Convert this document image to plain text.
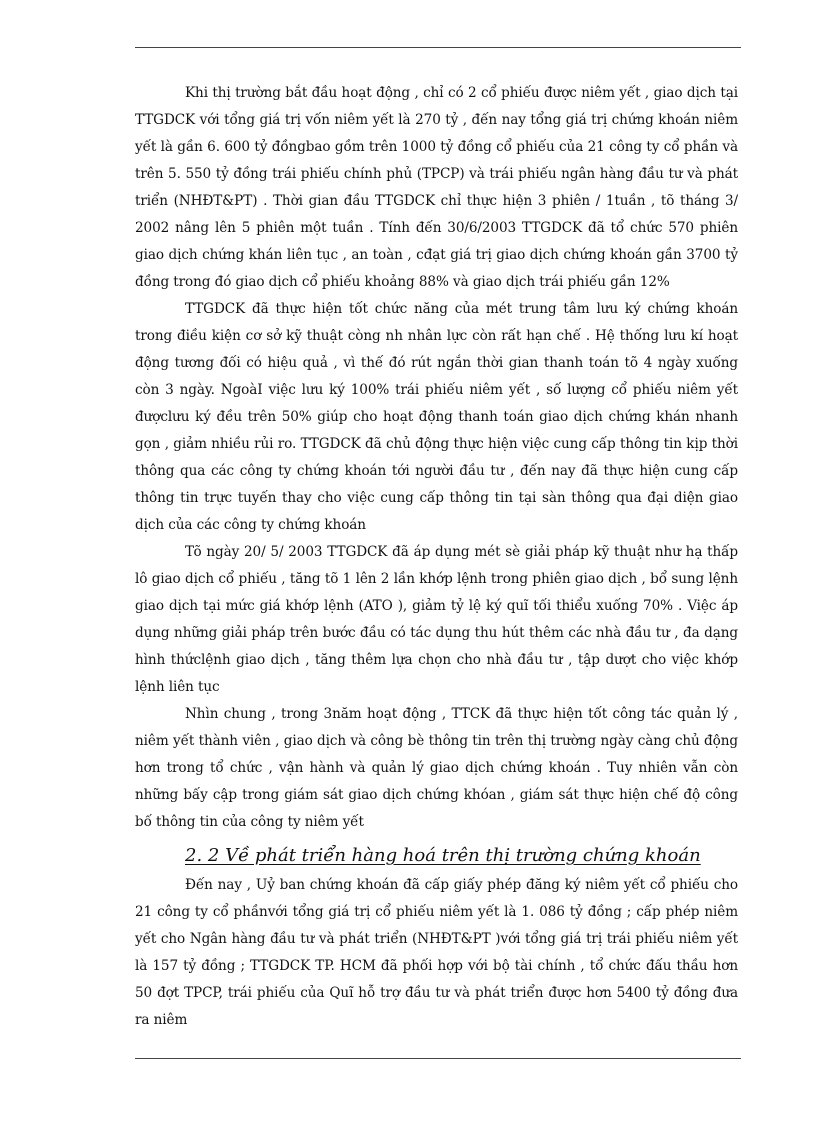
Khi thị trường bắt đầu hoạt động , chỉ có 2 cổ phiếu được niêm yết , giao dịch tại TTGDCK với tổng giá trị vốn niêm yết là 270 tỷ , đến nay tổng giá trị chứng khoán niêm yết là gần 6. 600 tỷ đồngbao gồm trên 1000 tỷ đồng cổ phiếu của 21 công ty cổ phần và trên 5. 550 tỷ đồng trái phiếu chính phủ (TPCP) và trái phiếu ngân hàng đầu tư và phát triển (NHĐT&PT) . Thời gian đầu TTGDCK chỉ thực hiện 3 phiên / 1tuần , tõ tháng 3/ 2002 nâng lên 5 phiên một tuần . Tính đến 30/6/2003 TTGDCK đã tổ chức 570 phiên giao dịch chứng khán liên tục , an toàn , cđạt giá trị giao dịch chứng khoán gần 3700 tỷ đồng trong đó giao dịch cổ phiếu khoảng 88% và giao dịch trái phiếu gần 12%

TTGDCK đã thực hiện tốt chức năng của mét trung tâm lưu ký chứng khoán trong điều kiện cơ sở kỹ thuật còng nh nhân lực còn rất hạn chế . Hệ thống lưu kí hoạt động tương đối có hiệu quả , vì thế đó rút ngắn thời gian thanh toán tõ 4 ngày xuống còn 3 ngày. NgoàI việc lưu ký 100% trái phiếu niêm yết , số lượng cổ phiếu niêm yết đượclưu ký đều trên 50% giúp cho hoạt động thanh toán giao dịch chứng khán nhanh gọn , giảm nhiều rủi ro. TTGDCK đã chủ động thực hiện việc cung cấp thông tin kịp thời thông qua các công ty chứng khoán tới người đầu tư , đến nay đã thực hiện cung cấp thông tin trực tuyến thay cho việc cung cấp thông tin tại sàn thông qua đại diện giao dịch của các công ty chứng khoán

Tõ ngày 20/ 5/ 2003 TTGDCK đã áp dụng mét sè giải pháp kỹ thuật như hạ thấp lô giao dịch cổ phiếu , tăng tõ 1 lên 2 lần khớp lệnh trong phiên giao dịch , bổ sung lệnh giao dịch tại mức giá khớp lệnh (ATO ), giảm tỷ lệ ký quĩ tối thiểu xuống 70% . Việc áp dụng những giải pháp trên bước đầu có tác dụng thu hút thêm các nhà đầu tư , đa dạng hình thứclệnh giao dịch , tăng thêm lựa chọn cho nhà đầu tư , tập dượt cho việc khớp lệnh liên tục

Nhìn chung , trong 3năm hoạt động , TTCK đã thực hiện tốt công tác quản lý , niêm yết thành viên , giao dịch và công bè thông tin trên thị trường ngày càng chủ động hơn trong tổ chức , vận hành và quản lý giao dịch chứng khoán . Tuy nhiên vẫn còn những bấy cập trong giám sát giao dịch chứng khóan , giám sát thực hiện chế độ công bố thông tin của công ty niêm yết

2. 2 Về phát triển hàng hoá trên thị trường chứng khoán

Đến nay , Uỷ ban chứng khoán đã cấp giấy phép đăng ký niêm yết cổ phiếu cho 21 công ty cổ phầnvới tổng giá trị cổ phiếu niêm yết là 1. 086 tỷ đồng ; cấp phép niêm yết cho Ngân hàng đầu tư và phát triển (NHĐT&PT )với tổng giá trị trái phiếu niêm yết là 157 tỷ đồng ; TTGDCK TP. HCM đã phối hợp với bộ tài chính , tổ chức đấu thầu hơn 50 đợt TPCP, trái phiếu của Quĩ hỗ trợ đầu tư và phát triển được hơn 5400 tỷ đồng đưa ra niêm
